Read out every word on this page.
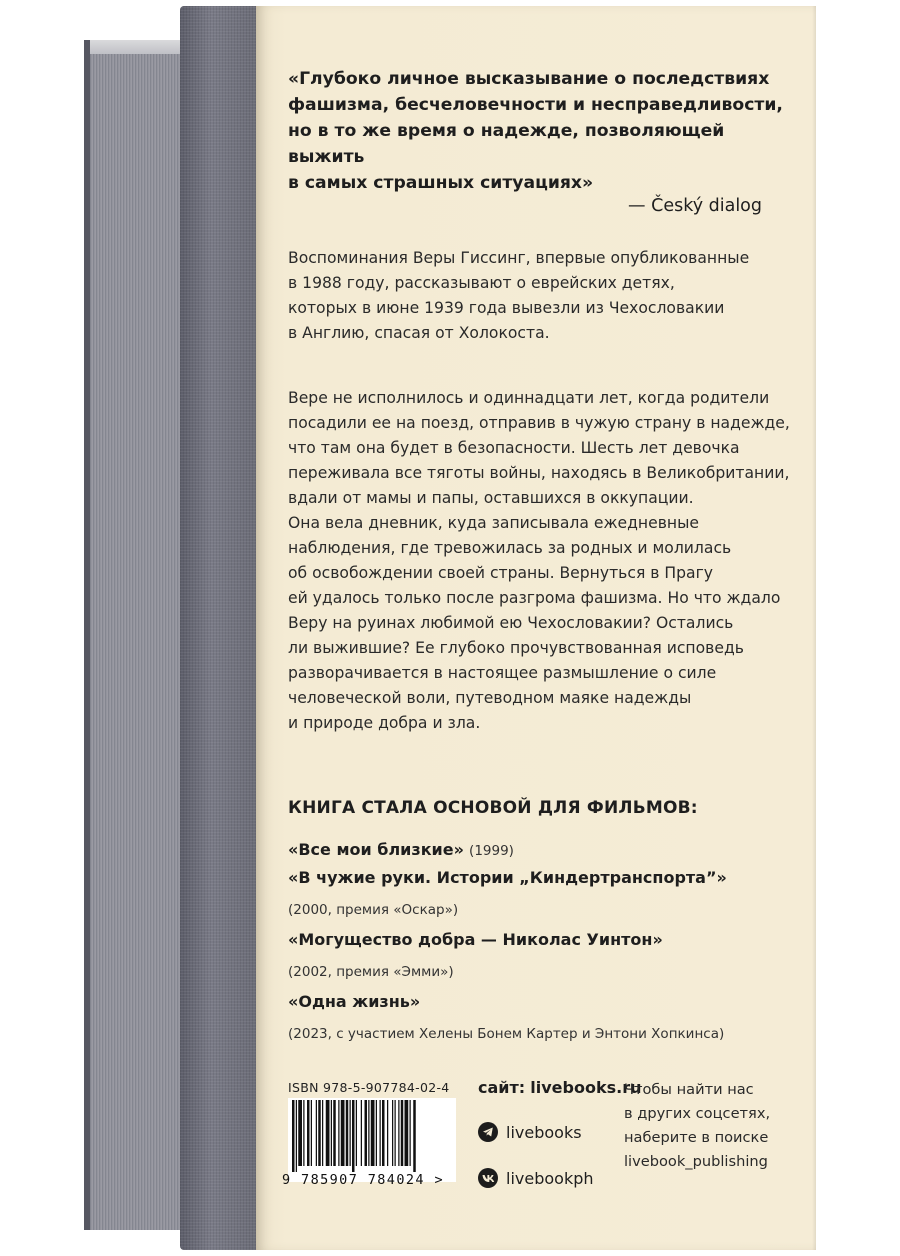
«Глубоко личное высказывание о последствиях
фашизма, бесчеловечности и несправедливости,
но в то же время о надежде, позволяющей выжить
в самых страшных ситуациях»
— Český dialog
Воспоминания Веры Гиссинг, впервые опубликованные
в 1988 году, рассказывают о еврейских детях,
которых в июне 1939 года вывезли из Чехословакии
в Англию, спасая от Холокоста.
Вере не исполнилось и одиннадцати лет, когда родители
посадили ее на поезд, отправив в чужую страну в надежде,
что там она будет в безопасности. Шесть лет девочка
переживала все тяготы войны, находясь в Великобритании,
вдали от мамы и папы, оставшихся в оккупации.
Она вела дневник, куда записывала ежедневные
наблюдения, где тревожилась за родных и молилась
об освобождении своей страны. Вернуться в Прагу
ей удалось только после разгрома фашизма. Но что ждало
Веру на руинах любимой ею Чехословакии? Остались
ли выжившие? Ее глубоко прочувствованная исповедь
разворачивается в настоящее размышление о силе
человеческой воли, путеводном маяке надежды
и природе добра и зла.
КНИГА СТАЛА ОСНОВОЙ ДЛЯ ФИЛЬМОВ:
«Все мои близкие» (1999)
«В чужие руки. Истории „Киндертранспорта”»
(2000, премия «Оскар»)
«Могущество добра — Николас Уинтон»
(2002, премия «Эмми»)
«Одна жизнь»
(2023, с участием Хелены Бонем Картер и Энтони Хопкинса)
ISBN 978-5-907784-02-4
9 785907 784024 >
сайт: livebooks.ru
livebooks
livebookph
Чтобы найти нас
в других соцсетях,
наберите в поиске
livebook_publishing
